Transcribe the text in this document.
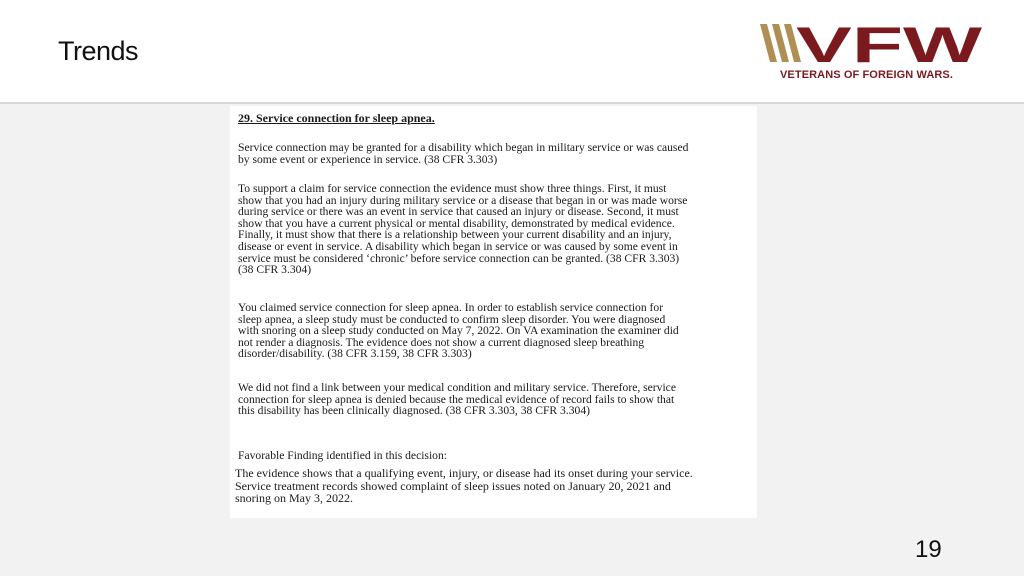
Trends	VFW
VETERANS OF FOREIGN WARS.
29. Service connection for sleep apnea.

Service connection may be granted for a disability which began in military service or was caused
by some event or experience in service. (38 CFR 3.303)

To support a claim for service connection the evidence must show three things. First, it must
show that you had an injury during military service or a disease that began in or was made worse
during service or there was an event in service that caused an injury or disease. Second, it must
show that you have a current physical or mental disability, demonstrated by medical evidence.
Finally, it must show that there is a relationship between your current disability and an injury,
disease or event in service. A disability which began in service or was caused by some event in
service must be considered ‘chronic’ before service connection can be granted. (38 CFR 3.303)
(38 CFR 3.304)

You claimed service connection for sleep apnea. In order to establish service connection for
sleep apnea, a sleep study must be conducted to confirm sleep disorder. You were diagnosed
with snoring on a sleep study conducted on May 7, 2022. On VA examination the examiner did
not render a diagnosis. The evidence does not show a current diagnosed sleep breathing
disorder/disability. (38 CFR 3.159, 38 CFR 3.303)

We did not find a link between your medical condition and military service. Therefore, service
connection for sleep apnea is denied because the medical evidence of record fails to show that
this disability has been clinically diagnosed. (38 CFR 3.303, 38 CFR 3.304)

Favorable Finding identified in this decision:

The evidence shows that a qualifying event, injury, or disease had its onset during your service.
Service treatment records showed complaint of sleep issues noted on January 20, 2021 and
snoring on May 3, 2022.

19
